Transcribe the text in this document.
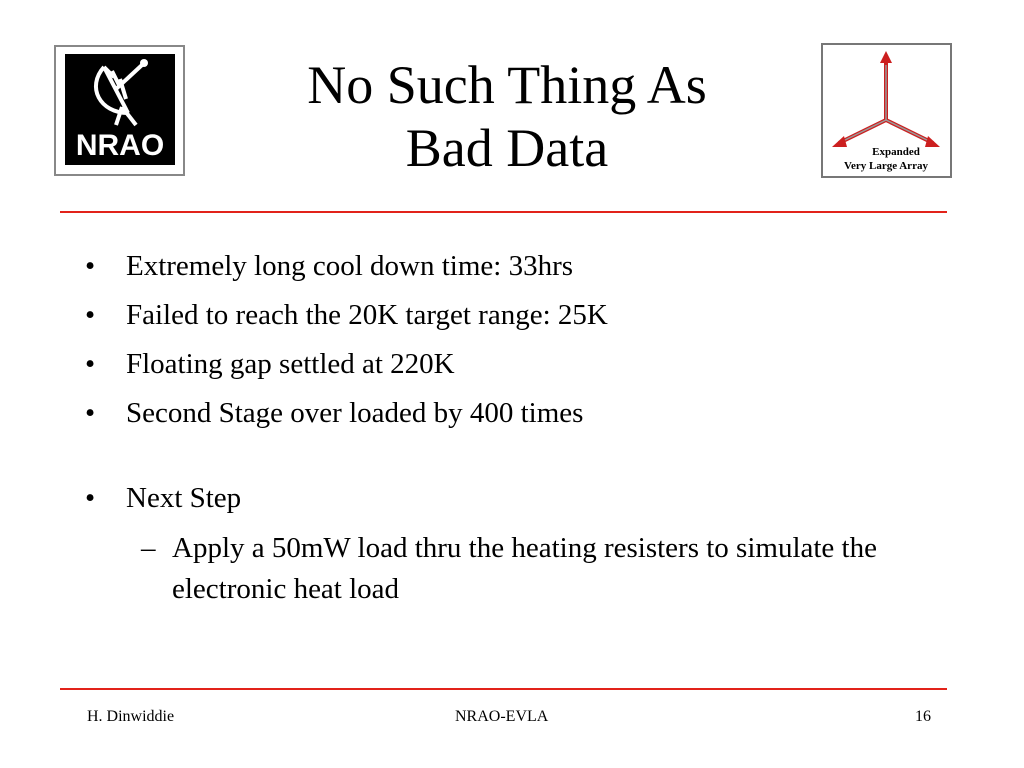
NRAO
No Such Thing As
Bad Data	Expanded
Very Large Array
• Extremely long cool down time: 33hrs
• Failed to reach the 20K target range: 25K
• Floating gap settled at 220K
• Second Stage over loaded by 400 times
• Next Step
– Apply a 50mW load thru the heating resisters to simulate the electronic heat load
H. Dinwiddie	NRAO-EVLA	16
